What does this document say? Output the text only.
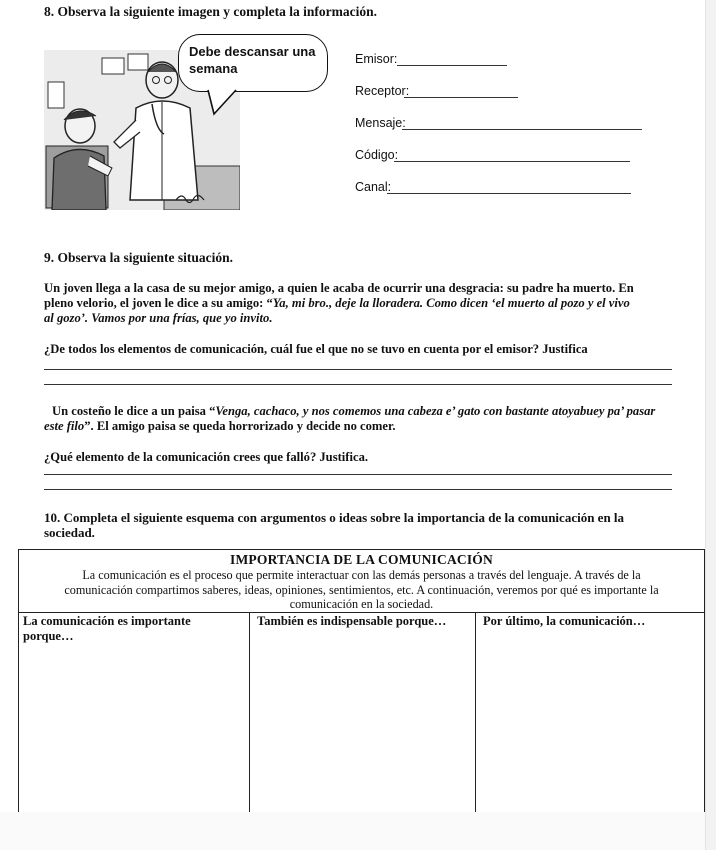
8. Observa la siguiente imagen y completa la información.
Debe descansar una
semana
Emisor:
Receptor:
Mensaje:
Código:
Canal:
9. Observa la siguiente situación.
Un joven llega a la casa de su mejor amigo, a quien le acaba de ocurrir una desgracia: su padre ha muerto. En
pleno velorio, el joven le dice a su amigo: “Ya, mi bro., deje la lloradera. Como dicen ‘el muerto al pozo y el vivo
al gozo’. Vamos por una frías, que yo invito.
¿De todos los elementos de comunicación, cuál fue el que no se tuvo en cuenta por el emisor? Justifica
Un costeño le dice a un paisa “Venga, cachaco, y nos comemos una cabeza e’ gato con bastante atoyabuey pa’ pasar
este filo”. El amigo paisa se queda horrorizado y decide no comer.
¿Qué elemento de la comunicación crees que falló? Justifica.
10. Completa el siguiente esquema con argumentos o ideas sobre la importancia de la comunicación en la
sociedad.
IMPORTANCIA DE LA COMUNICACIÓN
La comunicación es el proceso que permite interactuar con las demás personas a través del lenguaje. A través de la
comunicación compartimos saberes, ideas, opiniones, sentimientos, etc. A continuación, veremos por qué es importante la
comunicación en la sociedad.
La comunicación es importante
porque…
También es indispensable porque…	Por último, la comunicación…
